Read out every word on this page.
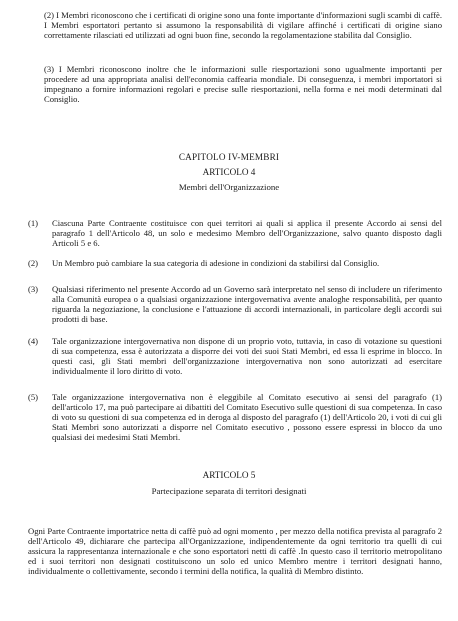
(2) I Membri riconoscono che i certificati di origine sono una fonte importante d'informazioni sugli scambi di caffè. I Membri esportatori pertanto si assumono la responsabilità di vigilare affinché i certificati di origine siano correttamente rilasciati ed utilizzati ad ogni buon fine, secondo la regolamentazione stabilita dal Consiglio.

(3) I Membri riconoscono inoltre che le informazioni sulle riesportazioni sono ugualmente importanti per procedere ad una appropriata analisi dell'economia caffearia mondiale. Di conseguenza, i membri importatori si impegnano a fornire informazioni regolari e precise sulle riesportazioni, nella forma e nei modi determinati dal Consiglio.

CAPITOLO IV-MEMBRI

ARTICOLO 4

Membri dell'Organizzazione

(1) Ciascuna Parte Contraente costituisce con quei territori ai quali si applica il presente Accordo ai sensi del paragrafo 1 dell'Articolo 48, un solo e medesimo Membro dell'Organizzazione, salvo quanto disposto dagli Articoli 5 e 6.

(2) Un Membro può cambiare la sua categoria di adesione in condizioni da stabilirsi dal Consiglio.

(3) Qualsiasi riferimento nel presente Accordo ad un Governo sarà interpretato nel senso di includere un riferimento alla Comunità europea o a qualsiasi organizzazione intergovernativa avente analoghe responsabilità, per quanto riguarda la negoziazione, la conclusione e l'attuazione di accordi internazionali, in particolare degli accordi sui prodotti di base.

(4) Tale organizzazione intergovernativa non dispone di un proprio voto, tuttavia, in caso di votazione su questioni di sua competenza, essa è autorizzata a disporre dei voti dei suoi Stati Membri, ed essa li esprime in blocco. In questi casi, gli Stati membri dell'organizzazione intergovernativa non sono autorizzati ad esercitare individualmente il loro diritto di voto.

(5) Tale organizzazione intergovernativa non è eleggibile al Comitato esecutivo ai sensi del paragrafo (1) dell'articolo 17, ma può partecipare ai dibattiti del Comitato Esecutivo sulle questioni di sua competenza. In caso di voto su questioni di sua competenza ed in deroga al disposto del paragrafo (1) dell'Articolo 20, i voti di cui gli Stati Membri sono autorizzati a disporre nel Comitato esecutivo , possono essere espressi in blocco da uno qualsiasi dei medesimi Stati Membri.

ARTICOLO 5

Partecipazione separata di territori designati

Ogni Parte Contraente importatrice netta di caffè può ad ogni momento , per mezzo della notifica prevista al paragrafo 2 dell'Articolo 49, dichiarare che partecipa all'Organizzazione, indipendentemente da ogni territorio tra quelli di cui assicura la rappresentanza internazionale e che sono esportatori netti di caffè .In questo caso il territorio metropolitano ed i suoi territori non designati costituiscono un solo ed unico Membro mentre i territori designati hanno, individualmente o collettivamente, secondo i termini della notifica, la qualità di Membro distinto.
